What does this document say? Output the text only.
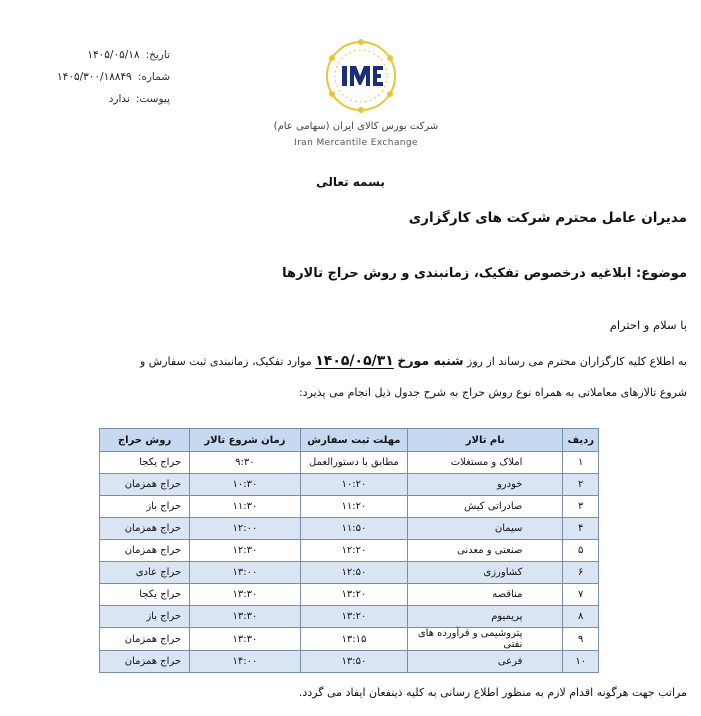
تاریخ:
۱۴۰۵/۰۵/۱۸
شماره:
۱۴۰۵/۳۰۰/۱۸۸۴۹
پیوست:
ندارد
شرکت بورس کالای ایران (سهامی عام)
Iran Mercantile Exchange
بسمه تعالی
مدیران عامل محترم شرکت های کارگزاری
موضوع: ابلاغیه درخصوص تفکیک، زمانبندی و روش حراج تالارها
با سلام و احترام
به اطلاع کلیه کارگزاران محترم می رساند از روز شنبه مورخ ۱۴۰۵/۰۵/۳۱ موارد تفکیک، زمانبندی ثبت سفارش و
شروع تالارهای معاملاتی به همراه نوع روش حراج به شرح جدول ذیل انجام می پذیرد:
ردیف	نام تالار	مهلت ثبت سفارش	زمان شروع تالار	روش حراج
۱	املاک و مستغلات	مطابق با دستورالعمل	۹:۳۰	حراج یکجا
۲	خودرو	۱۰:۲۰	۱۰:۳۰	حراج همزمان
۳	صادراتی کیش	۱۱:۲۰	۱۱:۳۰	حراج باز
۴	سیمان	۱۱:۵۰	۱۲:۰۰	حراج همزمان
۵	صنعتی و معدنی	۱۲:۲۰	۱۲:۳۰	حراج همزمان
۶	کشاورزی	۱۲:۵۰	۱۳:۰۰	حراج عادی
۷	مناقصه	۱۳:۲۰	۱۳:۳۰	حراج یکجا
۸	پریمیوم	۱۳:۲۰	۱۳:۳۰	حراج باز
۹	پتروشیمی و فرآورده های نفتی	۱۳:۱۵	۱۳:۳۰	حراج همزمان
۱۰	فرعی	۱۳:۵۰	۱۴:۰۰	حراج همزمان
مراتب جهت هرگونه اقدام لازم به منظور اطلاع رسانی به کلیه ذینفعان ایفاد می گردد.
